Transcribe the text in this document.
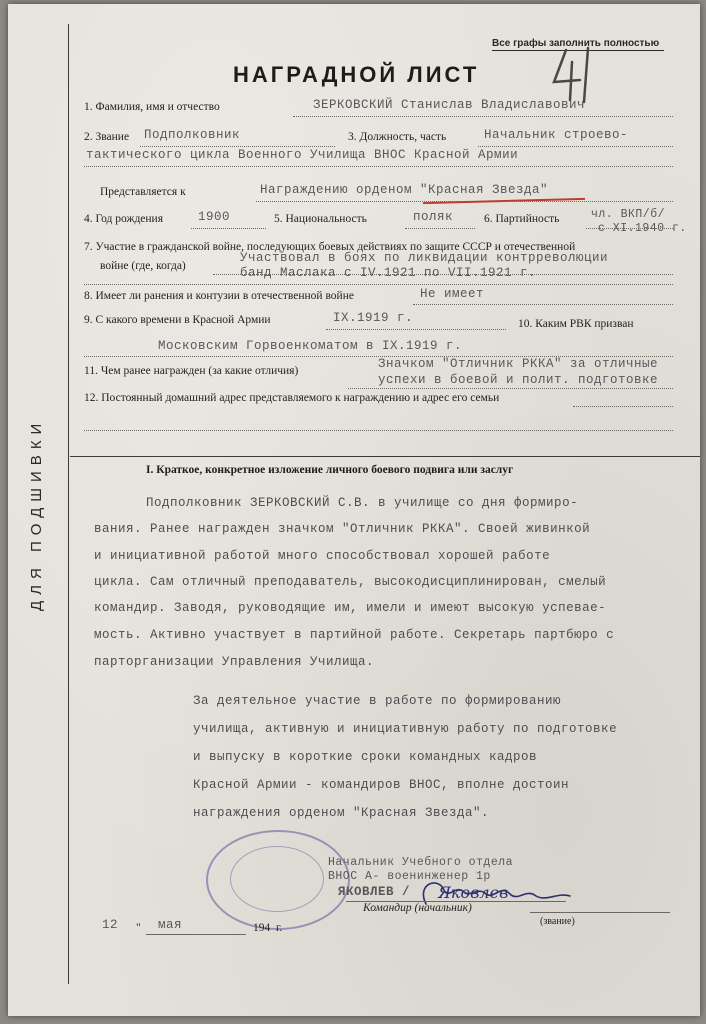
ДЛЯ ПОДШИВКИ
Все графы заполнить полностью
НАГРАДНОЙ ЛИСТ
1. Фамилия, имя и отчество	ЗЕРКОВСКИЙ Станислав Владиславович
2. Звание Подполковник	3. Должность, часть	Начальник строево-
тактического цикла Военного Училища ВНОС Красной Армии
Представляется к	Награждению орденом "Красная Звезда"
4. Год рождения	1900	5. Национальность	поляк	6. Партийность	чл. ВКП/б/
с XI.1940 г.
7. Участие в гражданской войне, последующих боевых действиях по защите СССР и отечественной
войне (где, когда)
Участвовал в боях по ликвидации контрреволюции
банд Маслака с IV.1921 по VII.1921 г.
8. Имеет ли ранения и контузии в отечественной войне	Не имеет
9. С какого времени в Красной Армии	IX.1919 г.	10. Каким РВК призван
Московским Горвоенкоматом в IX.1919 г.
11. Чем ранее награжден (за какие отличия)	Значком "Отличник РККА" за отличные
успехи в боевой и полит. подготовке
12. Постоянный домашний адрес представляемого к награждению и адрес его семьи
I. Краткое, конкретное изложение личного боевого подвига или заслуг
Подполковник ЗЕРКОВСКИЙ С.В. в училище со дня формиро-
вания. Ранее награжден значком "Отличник РККА". Своей живинкой
и инициативной работой много способствовал хорошей работе
цикла. Сам отличный преподаватель, высокодисциплинирован, смелый
командир. Заводя, руководящие им, имели и имеют высокую успевае-
мость. Активно участвует в партийной работе. Секретарь партбюро с
парторганизации Управления Училища.
За деятельное участие в работе по формированию
училища, активную и инициативную работу по подготовке
и выпуску в короткие сроки командных кадров
Красной Армии - командиров ВНОС, вполне достоин
награждения орденом "Красная Звезда".
Начальник Учебного отдела
ВНОС А- военинженер 1р
ЯКОВЛЕВ / Яковлев
Командир (начальник)
(звание)
12 " мая	194 г.
